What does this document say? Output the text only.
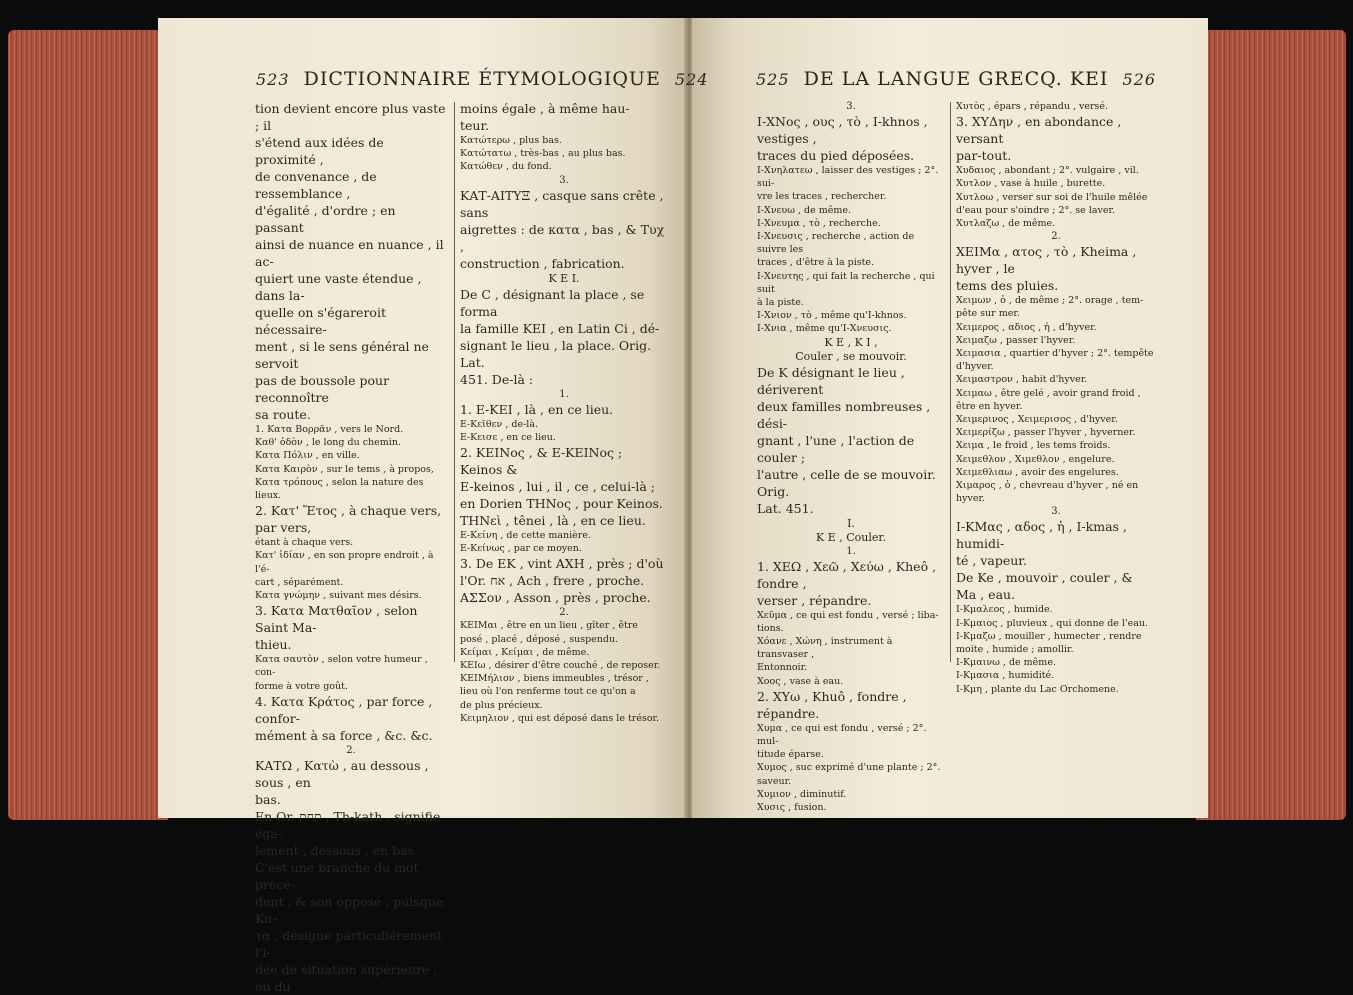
523 DICTIONNAIRE ÉTYMOLOGIQUE 524	525 DE LA LANGUE GRECQ. KEI 526

tion devient encore plus vaste ; il

s'étend aux idées de proximité ,

de convenance , de ressemblance ,

d'égalité , d'ordre ; en passant

ainsi de nuance en nuance , il ac-

quiert une vaste étendue , dans la-

quelle on s'égareroit nécessaire-

ment , si le sens général ne servoit

pas de boussole pour reconnoître

sa route.

1. Κατα Βορρᾶν , vers le Nord.

Καθ' ὁδὸν , le long du chemin.

Κατα Πόλιν , en ville.

Κατα Καιρὸν , sur le tems , à propos,

Κατα τρόπους , selon la nature des lieux.

2. Κατ' Ἔτος , à chaque vers, par vers,

étant à chaque vers.

Κατ' ἰδίαν , en son propre endroit , à l'é-

cart , séparément.

Κατα γνώμην , suivant mes désirs.

3. Κατα Ματθαῖον , selon Saint Ma-

thieu.

Κατα σαυτὸν , selon votre humeur , con-

forme à votre goût.

4. Κατα Κράτος , par force , confor-

mément à sa force , &c. &c.

2.

ΚΑΤΩ , Κατὼ , au dessous , sous , en

bas.

En Or. תחת , Th-kath , signifie éga-

lement , dessous , en bas.

C'est une branche du mot précé-

dent , & son opposé , puisque Κα-

τα , désigne particuliérement l'i-

dée de situation supérieure , ou du

moins égale , à même hau-

teur.

Κατώτερω , plus bas.

Κατώτατω , très-bas , au plus bas.

Κατώθεν , du fond.

3.

ΚΑΤ-ΑΙΤΥΞ , casque sans crête , sans

aigrettes : de κατα , bas , & Τυχ ,

construction , fabrication.

K E I.

De C , désignant la place , se forma

la famille ΚΕΙ , en Latin Ci , dé-

signant le lieu , la place. Orig. Lat.

451. De-là :

1.

1. Ε-ΚΕΙ , là , en ce lieu.

Ε-Κεῖθεν , de-là.

Ε-Κεισε , en ce lieu.

2. ΚΕΙΝος , & Ε-ΚΕΙΝος ; Keinos &

E-keinos , lui , il , ce , celui-là ;

en Dorien ΤΗΝος , pour Keinos.

ΤΗΝεὶ , tênei , là , en ce lieu.

Ε-Κείνη , de cette manière.

Ε-Κείνως , par ce moyen.

3. De ΕΚ , vint ΑΧΗ , près ; d'où

l'Or. אח , Ach , frere , proche.

ΑΣΣον , Asson , près , proche.

2.

ΚΕΙΜαι , être en un lieu , gîter , être

posé , placé , déposé , suspendu.

Κείμαι , Κείμαι , de même.

ΚΕΙω , désirer d'être couché , de reposer.

ΚΕΙΜήλιον , biens immeubles , trésor ,

lieu où l'on renferme tout ce qu'on a

de plus précieux.

Κειμηλιον , qui est déposé dans le trésor.

3.

Ι-ΧΝος , ους , τὸ , I-khnos , vestiges ,

traces du pied déposées.

Ι-Χνηλατεω , laisser des vestiges ; 2°. sui-

vre les traces , rechercher.

Ι-Χνευω , de même.

Ι-Χνευμα , τὸ , recherche.

Ι-Χνευσις , recherche , action de suivre les

traces , d'être à la piste.

Ι-Χνευτης , qui fait la recherche , qui suit

à la piste.

Ι-Χνιον , τὸ , même qu'I-khnos.

Ι-Χνια , même qu'I-Χνευσις.

K E , K I ,

Couler , se mouvoir.

De K désignant le lieu , dériverent

deux familles nombreuses , dési-

gnant , l'une , l'action de couler ;

l'autre , celle de se mouvoir. Orig.

Lat. 451.

I.

K E , Couler.

1.

1. ΧΕΩ , Χεῶ , Χεύω , Kheô , fondre ,

verser , répandre.

Χεῦμα , ce qui est fondu , versé ; liba-

tions.

Χόανε , Χώνη , instrument à transvaser ,

Entonnoir.

Χοος , vase à eau.

2. ΧΥω , Khuô , fondre , répandre.

Χυμα , ce qui est fondu , versé ; 2°. mul-

titude éparse.

Χυμος , suc exprimé d'une plante ; 2°.

saveur.

Χυμιον , diminutif.

Χυσις , fusion.

Χυτὸς , épars , répandu , versé.

3. ΧΥΔην , en abondance , versant

par-tout.

Χυδαιος , abondant ; 2°. vulgaire , vil.

Χυτλον , vase à huile , burette.

Χυτλοω , verser sur soi de l'huile mêlée

d'eau pour s'oindre ; 2°. se laver.

Χυτλαζω , de même.

2.

ΧΕΙΜα , ατος , τὸ , Kheima , hyver , le

tems des pluies.

Χειμων , ὁ , de même ; 2°. orage , tem-

pête sur mer.

Χειμερος , αδιος , ἡ , d'hyver.

Χειμαζω , passer l'hyver.

Χειμασια , quartier d'hyver ; 2°. tempête

d'hyver.

Χειμαστρον , habit d'hyver.

Χειμαω , être gelé , avoir grand froid ,

être en hyver.

Χειμερινος , Χειμερισος , d'hyver.

Χειμερίζω , passer l'hyver , hyverner.

Χειμα , le froid , les tems froids.

Χειμεθλον , Χιμεθλον , engelure.

Χειμεθλιαω , avoir des engelures.

Χιμαρος , ὁ , chevreau d'hyver , né en

hyver.

3.

Ι-ΚΜας , αδος , ἡ , I-kmas , humidi-

té , vapeur.

De Ke , mouvoir , couler , &

Ma , eau.

Ι-Κμαλεος , humide.

Ι-Κμαιος , pluvieux , qui donne de l'eau.

Ι-Κμαζω , mouiller , humecter , rendre

moite , humide ; amollir.

Ι-Κμαινω , de même.

Ι-Κμασια , humidité.

Ι-Κμη , plante du Lac Orchomene.
